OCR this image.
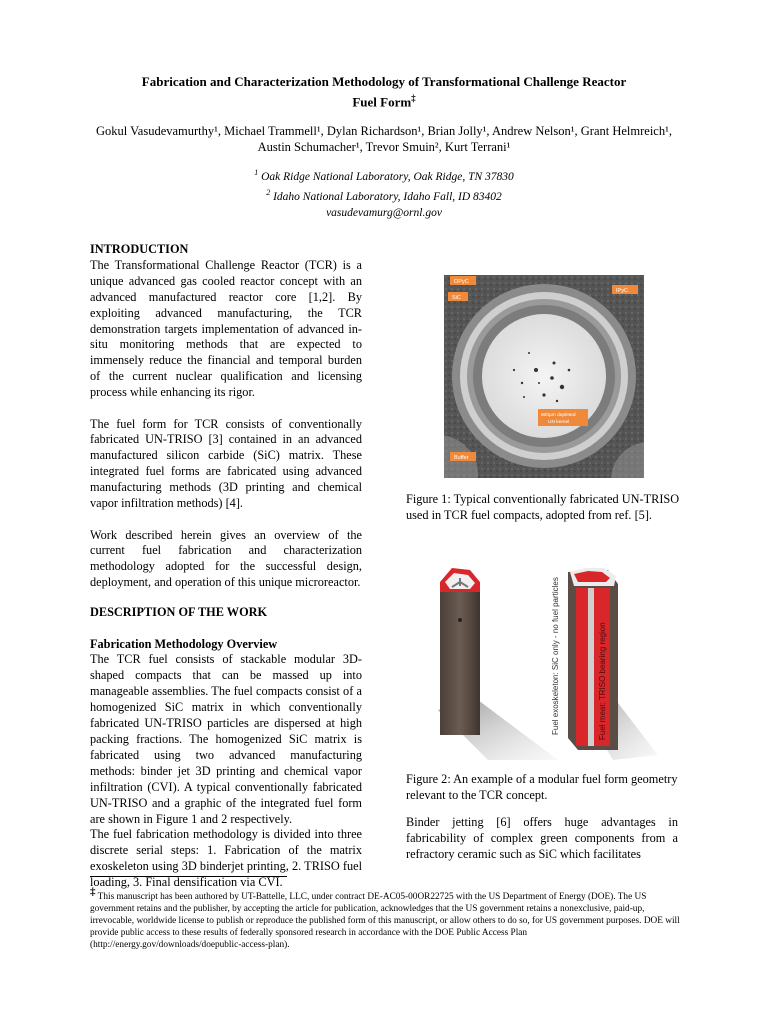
Fabrication and Characterization Methodology of Transformational Challenge Reactor
Fuel Form‡
Gokul Vasudevamurthy¹, Michael Trammell¹, Dylan Richardson¹, Brian Jolly¹, Andrew Nelson¹, Grant Helmreich¹,
Austin Schumacher¹, Trevor Smuin², Kurt Terrani¹
$^1$ Oak Ridge National Laboratory, Oak Ridge, TN 37830
$^2$ Idaho National Laboratory, Idaho Fall, ID 83402
vasudevamurg@ornl.gov
INTRODUCTION

The Transformational Challenge Reactor (TCR) is a unique advanced gas cooled reactor concept with an advanced manufactured reactor core [1,2]. By exploiting advanced manufacturing, the TCR demonstration targets implementation of advanced in-situ monitoring methods that are expected to immensely reduce the financial and temporal burden of the current nuclear qualification and licensing process while enhancing its rigor.

The fuel form for TCR consists of conventionally fabricated UN-TRISO [3] contained in an advanced manufactured silicon carbide (SiC) matrix. These integrated fuel forms are fabricated using advanced manufacturing methods (3D printing and chemical vapor infiltration methods) [4].

Work described herein gives an overview of the current fuel fabrication and characterization methodology adopted for the successful design, deployment, and operation of this unique microreactor.

DESCRIPTION OF THE WORK
Fabrication Methodology Overview

The TCR fuel consists of stackable modular 3D-shaped compacts that can be massed up into manageable assemblies. The fuel compacts consist of a homogenized SiC matrix in which conventionally fabricated UN-TRISO particles are dispersed at high packing fractions. The homogenized SiC matrix is fabricated using two advanced manufacturing methods: binder jet 3D printing and chemical vapor infiltration (CVI). A typical conventionally fabricated UN-TRISO and a graphic of the integrated fuel form are shown in Figure 1 and 2 respectively.

The fuel fabrication methodology is divided into three discrete serial steps: 1. Fabrication of the matrix exoskeleton using 3D binderjet printing, 2. TRISO fuel loading, 3. Final densification via CVI.

OPyC
SiC
IPyC
800µm depleted UN kernel
Buffer
Figure 1: Typical conventionally fabricated UN-TRISO used in TCR fuel compacts, adopted from ref. [5].
Fuel exoskeleton: SiC only - no fuel particles	Fuel meat: TRISO bearing region
Figure 2: An example of a modular fuel form geometry relevant to the TCR concept.
Binder jetting [6] offers huge advantages in fabricability of complex green components from a refractory ceramic such as SiC which facilitates
‡ This manuscript has been authored by UT-Battelle, LLC, under contract DE-AC05-00OR22725 with the US Department of Energy (DOE). The US government retains and the publisher, by accepting the article for publication, acknowledges that the US government retains a nonexclusive, paid-up, irrevocable, worldwide license to publish or reproduce the published form of this manuscript, or allow others to do so, for US government purposes. DOE will provide public access to these results of federally sponsored research in accordance with the DOE Public Access Plan (http://energy.gov/downloads/doepublic-access-plan).
